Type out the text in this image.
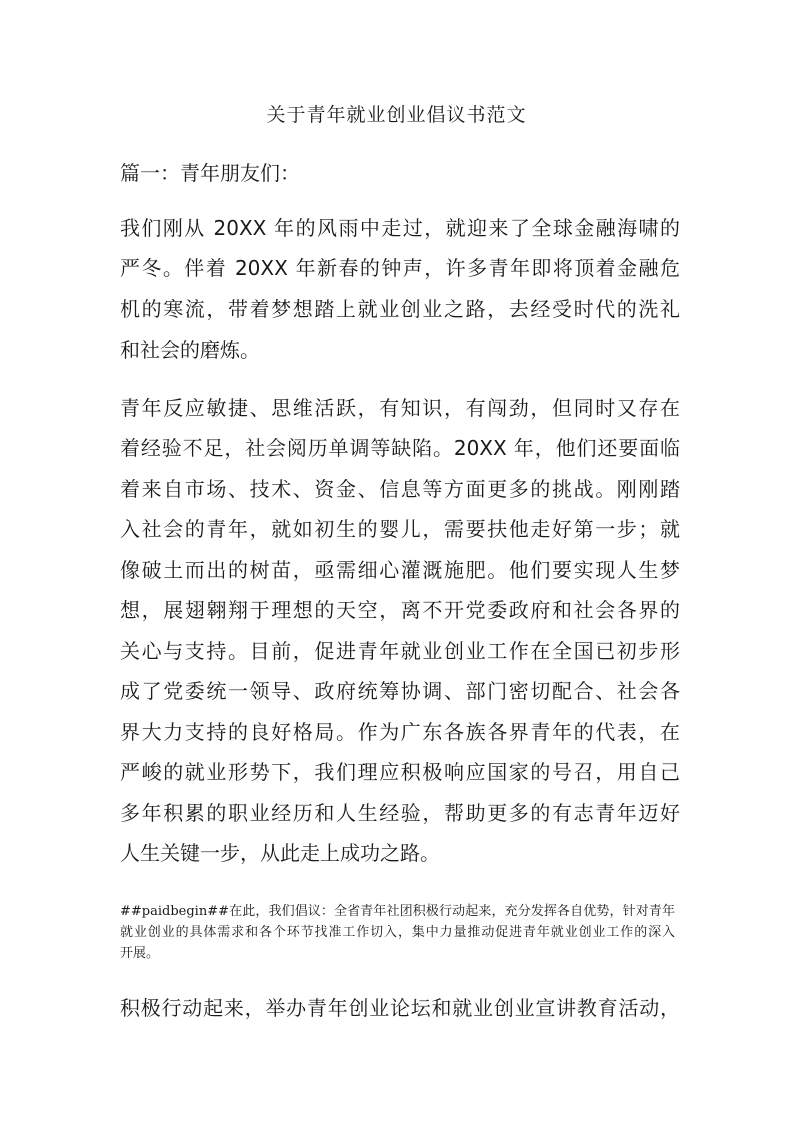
关于青年就业创业倡议书范文

篇一：青年朋友们：

我们刚从 20XX 年的风雨中走过，就迎来了全球金融海啸的

严冬。伴着 20XX 年新春的钟声，许多青年即将顶着金融危

机的寒流，带着梦想踏上就业创业之路，去经受时代的洗礼

和社会的磨炼。

青年反应敏捷、思维活跃，有知识，有闯劲，但同时又存在

着经验不足，社会阅历单调等缺陷。20XX 年，他们还要面临

着来自市场、技术、资金、信息等方面更多的挑战。刚刚踏

入社会的青年，就如初生的婴儿，需要扶他走好第一步；就

像破土而出的树苗，亟需细心灌溉施肥。他们要实现人生梦

想，展翅翱翔于理想的天空，离不开党委政府和社会各界的

关心与支持。目前，促进青年就业创业工作在全国已初步形

成了党委统一领导、政府统筹协调、部门密切配合、社会各

界大力支持的良好格局。作为广东各族各界青年的代表，在

严峻的就业形势下，我们理应积极响应国家的号召，用自己

多年积累的职业经历和人生经验，帮助更多的有志青年迈好

人生关键一步，从此走上成功之路。

##paidbegin##在此，我们倡议：全省青年社团积极行动起来，充分发挥各自优势，针对青年

就业创业的具体需求和各个环节找准工作切入，集中力量推动促进青年就业创业工作的深入

开展。

积极行动起来，举办青年创业论坛和就业创业宣讲教育活动，
